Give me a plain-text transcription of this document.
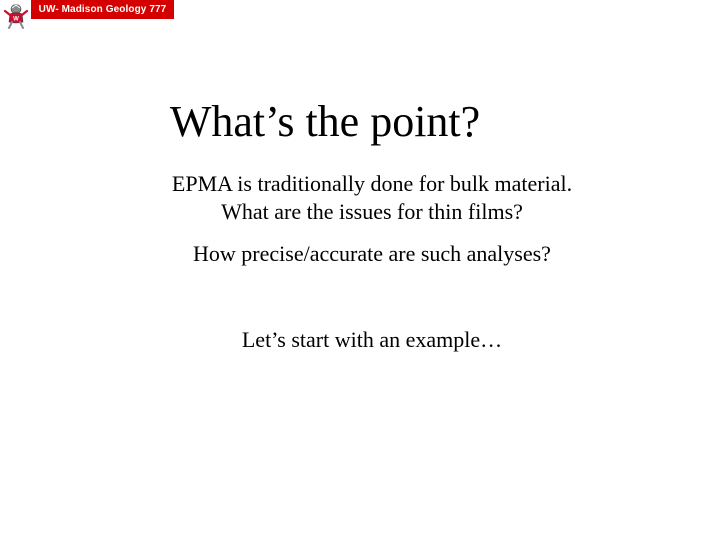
W
UW- Madison Geology 777
What’s the point?
EPMA is traditionally done for bulk material.
What are the issues for thin films?
How precise/accurate are such analyses?
Let’s start with an example…
